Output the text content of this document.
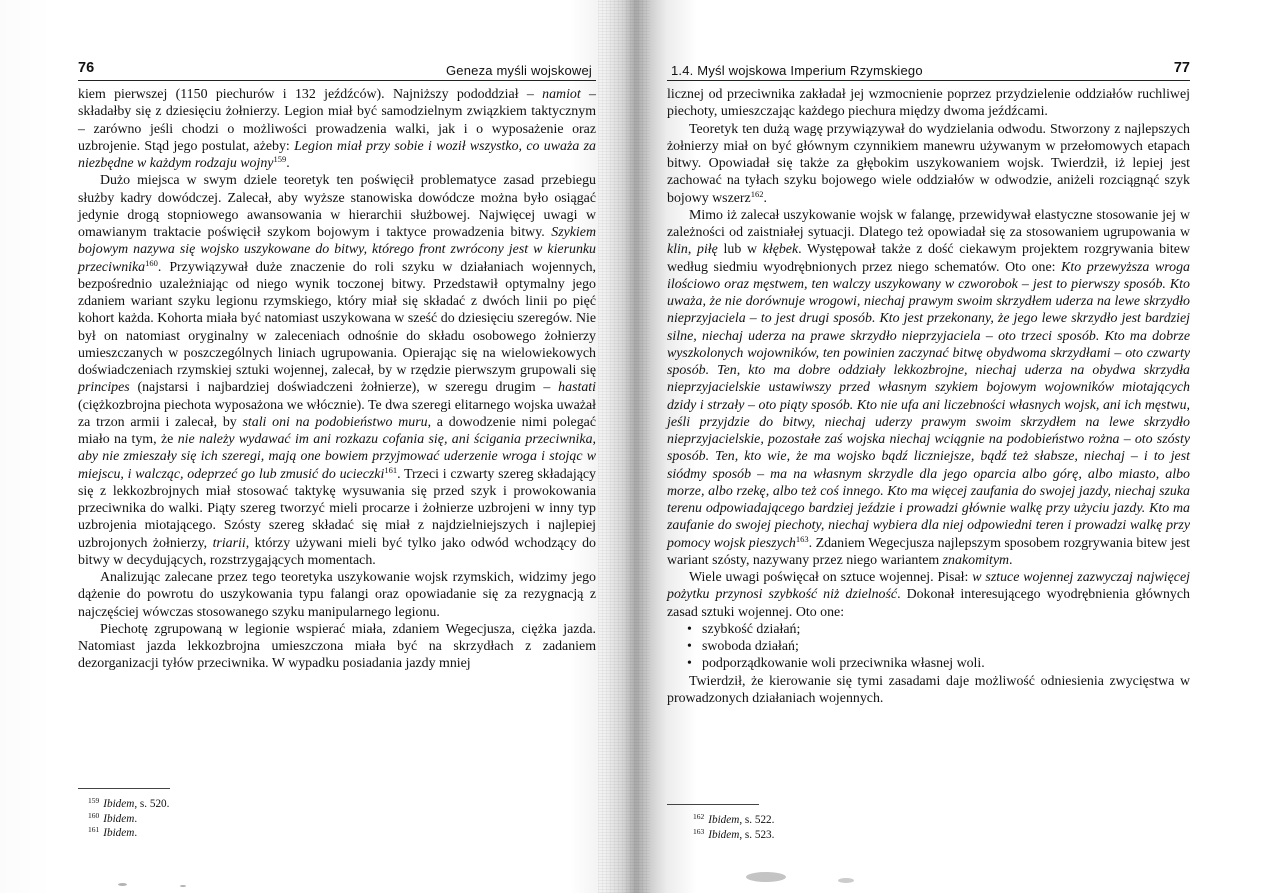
76	Geneza myśli wojskowej

kiem pierwszej (1150 piechurów i 132 jeźdźców). Najniższy pododdział – namiot – składałby się z dziesięciu żołnierzy. Legion miał być samodzielnym związkiem taktycznym – zarówno jeśli chodzi o możliwości prowadzenia walki, jak i o wyposażenie oraz uzbrojenie. Stąd jego postulat, ażeby: Legion miał przy sobie i woził wszystko, co uważa za niezbędne w każdym rodzaju wojny$^{159}$.

Dużo miejsca w swym dziele teoretyk ten poświęcił problematyce zasad przebiegu służby kadry dowódczej. Zalecał, aby wyższe stanowiska dowódcze można było osiągać jedynie drogą stopniowego awansowania w hierarchii służbowej. Najwięcej uwagi w omawianym traktacie poświęcił szykom bojowym i taktyce prowadzenia bitwy. Szykiem bojowym nazywa się wojsko uszykowane do bitwy, którego front zwrócony jest w kierunku przeciwnika$^{160}$. Przywiązywał duże znaczenie do roli szyku w działaniach wojennych, bezpośrednio uzależniając od niego wynik toczonej bitwy. Przedstawił optymalny jego zdaniem wariant szyku legionu rzymskiego, który miał się składać z dwóch linii po pięć kohort każda. Kohorta miała być natomiast uszykowana w sześć do dziesięciu szeregów. Nie był on natomiast oryginalny w zaleceniach odnośnie do składu osobowego żołnierzy umieszczanych w poszczególnych liniach ugrupowania. Opierając się na wielowiekowych doświadczeniach rzymskiej sztuki wojennej, zalecał, by w rzędzie pierwszym grupowali się principes (najstarsi i najbardziej doświadczeni żołnierze), w szeregu drugim – hastati (ciężkozbrojna piechota wyposażona we włócznie). Te dwa szeregi elitarnego wojska uważał za trzon armii i zalecał, by stali oni na podobieństwo muru, a dowodzenie nimi polegać miało na tym, że nie należy wydawać im ani rozkazu cofania się, ani ścigania przeciwnika, aby nie zmieszały się ich szeregi, mają one bowiem przyjmować uderzenie wroga i stojąc w miejscu, i walcząc, odeprzeć go lub zmusić do ucieczki$^{161}$. Trzeci i czwarty szereg składający się z lekkozbrojnych miał stosować taktykę wysuwania się przed szyk i prowokowania przeciwnika do walki. Piąty szereg tworzyć mieli procarze i żołnierze uzbrojeni w inny typ uzbrojenia miotającego. Szósty szereg składać się miał z najdzielniejszych i najlepiej uzbrojonych żołnierzy, triarii, którzy używani mieli być tylko jako odwód wchodzący do bitwy w decydujących, rozstrzygających momentach.

Analizując zalecane przez tego teoretyka uszykowanie wojsk rzymskich, widzimy jego dążenie do powrotu do uszykowania typu falangi oraz opowiadanie się za rezygnacją z najczęściej wówczas stosowanego szyku manipularnego legionu.

Piechotę zgrupowaną w legionie wspierać miała, zdaniem Wegecjusza, ciężka jazda. Natomiast jazda lekkozbrojna umieszczona miała być na skrzydłach z zadaniem dezorganizacji tyłów przeciwnika. W wypadku posiadania jazdy mniej

$^{159}$ Ibidem, s. 520.
$^{160}$ Ibidem.
$^{161}$ Ibidem.
1.4. Myśl wojskowa Imperium Rzymskiego	77

licznej od przeciwnika zakładał jej wzmocnienie poprzez przydzielenie oddziałów ruchliwej piechoty, umieszczając każdego piechura między dwoma jeźdźcami.

Teoretyk ten dużą wagę przywiązywał do wydzielania odwodu. Stworzony z najlepszych żołnierzy miał on być głównym czynnikiem manewru używanym w przełomowych etapach bitwy. Opowiadał się także za głębokim uszykowaniem wojsk. Twierdził, iż lepiej jest zachować na tyłach szyku bojowego wiele oddziałów w odwodzie, aniżeli rozciągnąć szyk bojowy wszerz$^{162}$.

Mimo iż zalecał uszykowanie wojsk w falangę, przewidywał elastyczne stosowanie jej w zależności od zaistniałej sytuacji. Dlatego też opowiadał się za stosowaniem ugrupowania w klin, piłę lub w kłębek. Występował także z dość ciekawym projektem rozgrywania bitew według siedmiu wyodrębnionych przez niego schematów. Oto one: Kto przewyższa wroga ilościowo oraz męstwem, ten walczy uszykowany w czworobok – jest to pierwszy sposób. Kto uważa, że nie dorównuje wrogowi, niechaj prawym swoim skrzydłem uderza na lewe skrzydło nieprzyjaciela – to jest drugi sposób. Kto jest przekonany, że jego lewe skrzydło jest bardziej silne, niechaj uderza na prawe skrzydło nieprzyjaciela – oto trzeci sposób. Kto ma dobrze wyszkolonych wojowników, ten powinien zaczynać bitwę obydwoma skrzydłami – oto czwarty sposób. Ten, kto ma dobre oddziały lekkozbrojne, niechaj uderza na obydwa skrzydła nieprzyjacielskie ustawiwszy przed własnym szykiem bojowym wojowników miotających dzidy i strzały – oto piąty sposób. Kto nie ufa ani liczebności własnych wojsk, ani ich męstwu, jeśli przyjdzie do bitwy, niechaj uderzy prawym swoim skrzydłem na lewe skrzydło nieprzyjacielskie, pozostałe zaś wojska niechaj wciągnie na podobieństwo rożna – oto szósty sposób. Ten, kto wie, że ma wojsko bądź liczniejsze, bądź też słabsze, niechaj – i to jest siódmy sposób – ma na własnym skrzydle dla jego oparcia albo górę, albo miasto, albo morze, albo rzekę, albo też coś innego. Kto ma więcej zaufania do swojej jazdy, niechaj szuka terenu odpowiadającego bardziej jeździe i prowadzi głównie walkę przy użyciu jazdy. Kto ma zaufanie do swojej piechoty, niechaj wybiera dla niej odpowiedni teren i prowadzi walkę przy pomocy wojsk pieszych$^{163}$. Zdaniem Wegecjusza najlepszym sposobem rozgrywania bitew jest wariant szósty, nazywany przez niego wariantem znakomitym.

Wiele uwagi poświęcał on sztuce wojennej. Pisał: w sztuce wojennej zazwyczaj najwięcej pożytku przynosi szybkość niż dzielność. Dokonał interesującego wyodrębnienia głównych zasad sztuki wojennej. Oto one:

• szybkość działań;
• swoboda działań;
• podporządkowanie woli przeciwnika własnej woli.

Twierdził, że kierowanie się tymi zasadami daje możliwość odniesienia zwycięstwa w prowadzonych działaniach wojennych.

$^{162}$ Ibidem, s. 522.
$^{163}$ Ibidem, s. 523.
